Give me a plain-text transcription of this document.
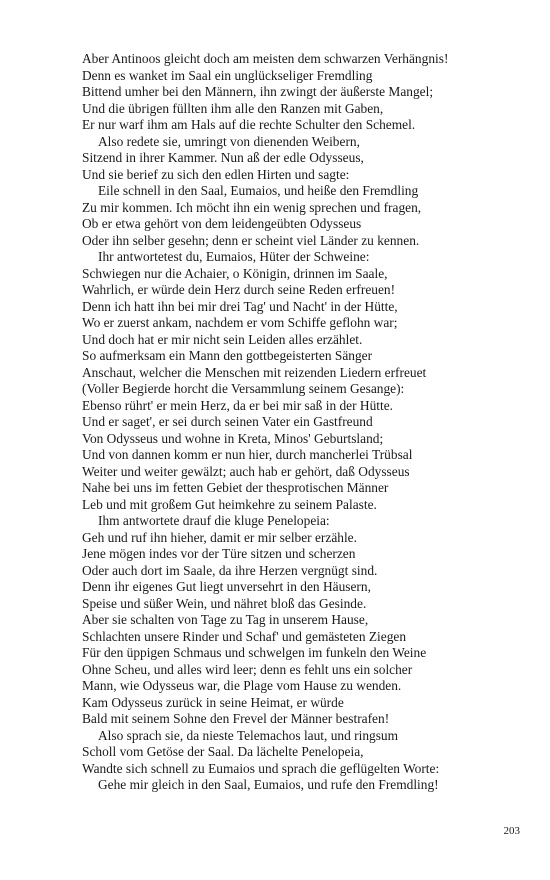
Aber Antinoos gleicht doch am meisten dem schwarzen Verhängnis!
Denn es wanket im Saal ein unglückseliger Fremdling
Bittend umher bei den Männern, ihn zwingt der äußerste Mangel;
Und die übrigen füllten ihm alle den Ranzen mit Gaben,
Er nur warf ihm am Hals auf die rechte Schulter den Schemel.
Also redete sie, umringt von dienenden Weibern,
Sitzend in ihrer Kammer. Nun aß der edle Odysseus,
Und sie berief zu sich den edlen Hirten und sagte:
Eile schnell in den Saal, Eumaios, und heiße den Fremdling
Zu mir kommen. Ich möcht ihn ein wenig sprechen und fragen,
Ob er etwa gehört von dem leidengeübten Odysseus
Oder ihn selber gesehn; denn er scheint viel Länder zu kennen.
Ihr antwortetest du, Eumaios, Hüter der Schweine:
Schwiegen nur die Achaier, o Königin, drinnen im Saale,
Wahrlich, er würde dein Herz durch seine Reden erfreuen!
Denn ich hatt ihn bei mir drei Tag' und Nacht' in der Hütte,
Wo er zuerst ankam, nachdem er vom Schiffe geflohn war;
Und doch hat er mir nicht sein Leiden alles erzählet.
So aufmerksam ein Mann den gottbegeisterten Sänger
Anschaut, welcher die Menschen mit reizenden Liedern erfreuet
(Voller Begierde horcht die Versammlung seinem Gesange):
Ebenso rührt' er mein Herz, da er bei mir saß in der Hütte.
Und er saget', er sei durch seinen Vater ein Gastfreund
Von Odysseus und wohne in Kreta, Minos' Geburtsland;
Und von dannen komm er nun hier, durch mancherlei Trübsal
Weiter und weiter gewälzt; auch hab er gehört, daß Odysseus
Nahe bei uns im fetten Gebiet der thesprotischen Männer
Leb und mit großem Gut heimkehre zu seinem Palaste.
Ihm antwortete drauf die kluge Penelopeia:
Geh und ruf ihn hieher, damit er mir selber erzähle.
Jene mögen indes vor der Türe sitzen und scherzen
Oder auch dort im Saale, da ihre Herzen vergnügt sind.
Denn ihr eigenes Gut liegt unversehrt in den Häusern,
Speise und süßer Wein, und nähret bloß das Gesinde.
Aber sie schalten von Tage zu Tag in unserem Hause,
Schlachten unsere Rinder und Schaf' und gemästeten Ziegen
Für den üppigen Schmaus und schwelgen im funkeln den Weine
Ohne Scheu, und alles wird leer; denn es fehlt uns ein solcher
Mann, wie Odysseus war, die Plage vom Hause zu wenden.
Kam Odysseus zurück in seine Heimat, er würde
Bald mit seinem Sohne den Frevel der Männer bestrafen!
Also sprach sie, da nieste Telemachos laut, und ringsum
Scholl vom Getöse der Saal. Da lächelte Penelopeia,
Wandte sich schnell zu Eumaios und sprach die geflügelten Worte:
Gehe mir gleich in den Saal, Eumaios, und rufe den Fremdling!
203
